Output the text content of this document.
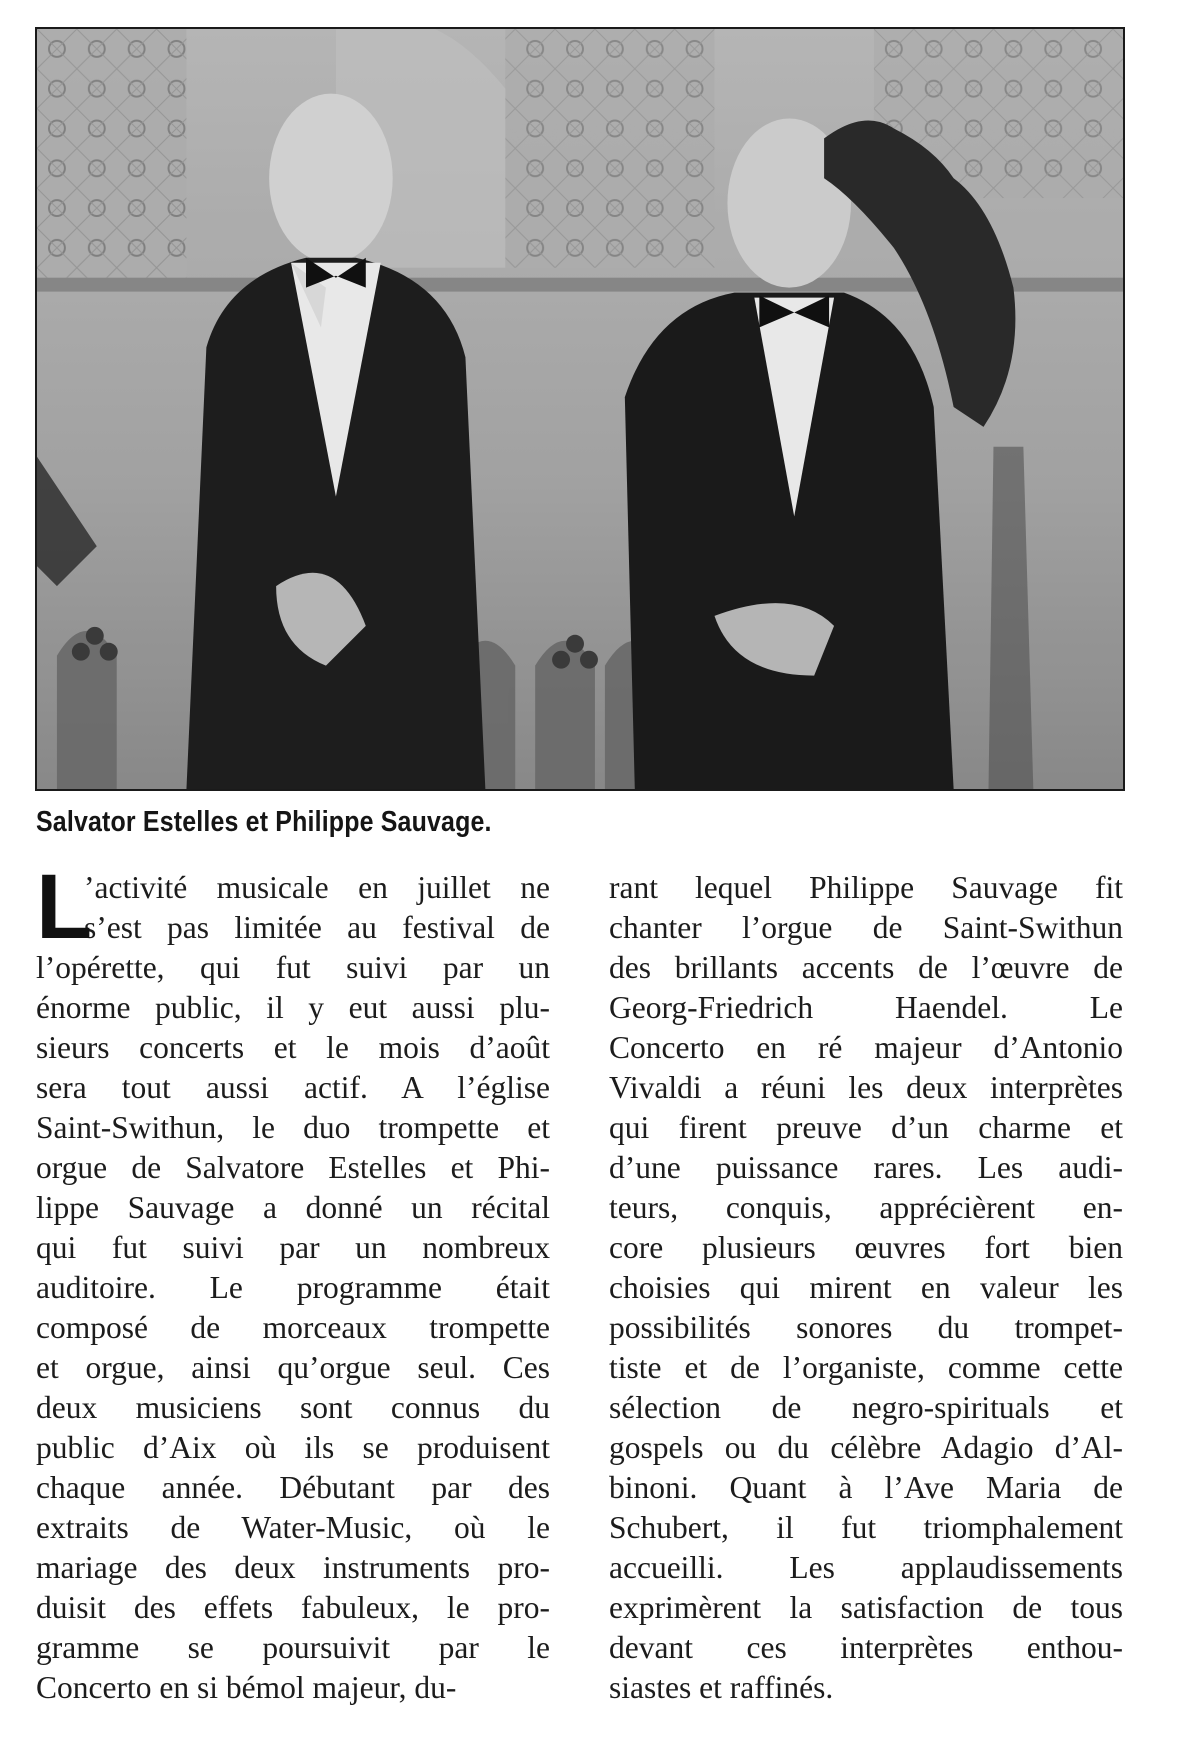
Salvator Estelles et Philippe Sauvage.
L
’activité musicale en juillet ne
s’est pas limitée au festival de
l’opérette, qui fut suivi par un
énorme public, il y eut aussi plu-
sieurs concerts et le mois d’août
sera tout aussi actif. A l’église
Saint-Swithun, le duo trompette et
orgue de Salvatore Estelles et Phi-
lippe Sauvage a donné un récital
qui fut suivi par un nombreux
auditoire. Le programme était
composé de morceaux trompette
et orgue, ainsi qu’orgue seul. Ces
deux musiciens sont connus du
public d’Aix où ils se produisent
chaque année. Débutant par des
extraits de Water-Music, où le
mariage des deux instruments pro-
duisit des effets fabuleux, le pro-
gramme se poursuivit par le
Concerto en si bémol majeur, du-
rant lequel Philippe Sauvage fit
chanter l’orgue de Saint-Swithun
des brillants accents de l’œuvre de
Georg-Friedrich Haendel. Le
Concerto en ré majeur d’Antonio
Vivaldi a réuni les deux interprètes
qui firent preuve d’un charme et
d’une puissance rares. Les audi-
teurs, conquis, apprécièrent en-
core plusieurs œuvres fort bien
choisies qui mirent en valeur les
possibilités sonores du trompet-
tiste et de l’organiste, comme cette
sélection de negro-spirituals et
gospels ou du célèbre Adagio d’Al-
binoni. Quant à l’Ave Maria de
Schubert, il fut triomphalement
accueilli. Les applaudissements
exprimèrent la satisfaction de tous
devant ces interprètes enthou-
siastes et raffinés.
